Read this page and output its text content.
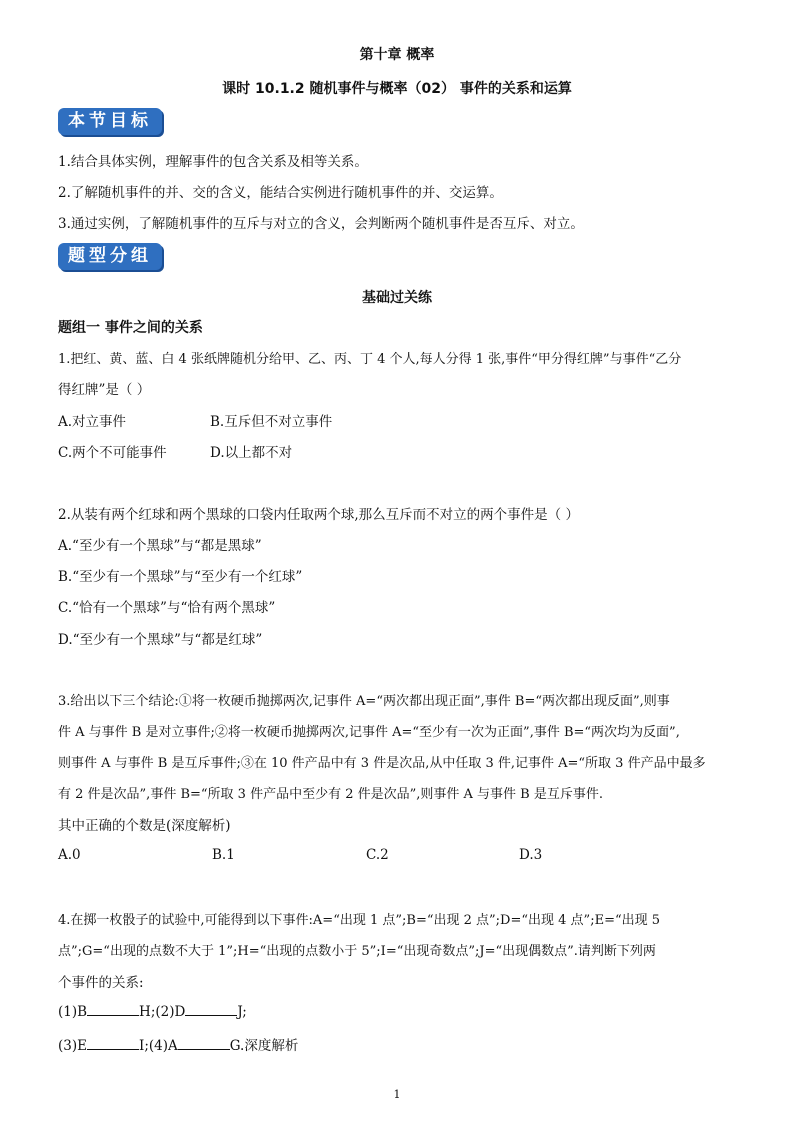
第十章 概率
课时 10.1.2 随机事件与概率（02） 事件的关系和运算
本节目标
1.结合具体实例，理解事件的包含关系及相等关系。
2.了解随机事件的并、交的含义，能结合实例进行随机事件的并、交运算。
3.通过实例，了解随机事件的互斥与对立的含义，会判断两个随机事件是否互斥、对立。
题型分组
基础过关练
题组一 事件之间的关系
1.把红、黄、蓝、白 4 张纸牌随机分给甲、乙、丙、丁 4 个人,每人分得 1 张,事件“甲分得红牌”与事件“乙分
得红牌”是（ ）
A.对立事件	B.互斥但不对立事件
C.两个不可能事件	D.以上都不对
2.从装有两个红球和两个黑球的口袋内任取两个球,那么互斥而不对立的两个事件是（ ）
A.“至少有一个黑球”与“都是黑球”
B.“至少有一个黑球”与“至少有一个红球”
C.“恰有一个黑球”与“恰有两个黑球”
D.“至少有一个黑球”与“都是红球”
3.给出以下三个结论:①将一枚硬币抛掷两次,记事件 A=“两次都出现正面”,事件 B=“两次都出现反面”,则事
件 A 与事件 B 是对立事件;②将一枚硬币抛掷两次,记事件 A=“至少有一次为正面”,事件 B=“两次均为反面”,
则事件 A 与事件 B 是互斥事件;③在 10 件产品中有 3 件是次品,从中任取 3 件,记事件 A=“所取 3 件产品中最多
有 2 件是次品”,事件 B=“所取 3 件产品中至少有 2 件是次品”,则事件 A 与事件 B 是互斥事件.
其中正确的个数是(深度解析)
A.0	B.1	C.2	D.3
4.在掷一枚骰子的试验中,可能得到以下事件:A=“出现 1 点”;B=“出现 2 点”;D=“出现 4 点”;E=“出现 5
点”;G=“出现的点数不大于 1”;H=“出现的点数小于 5”;I=“出现奇数点”;J=“出现偶数点”.请判断下列两
个事件的关系:
(1)B	H;(2)D	J;
(3)E	I;(4)A	G.深度解析
1
